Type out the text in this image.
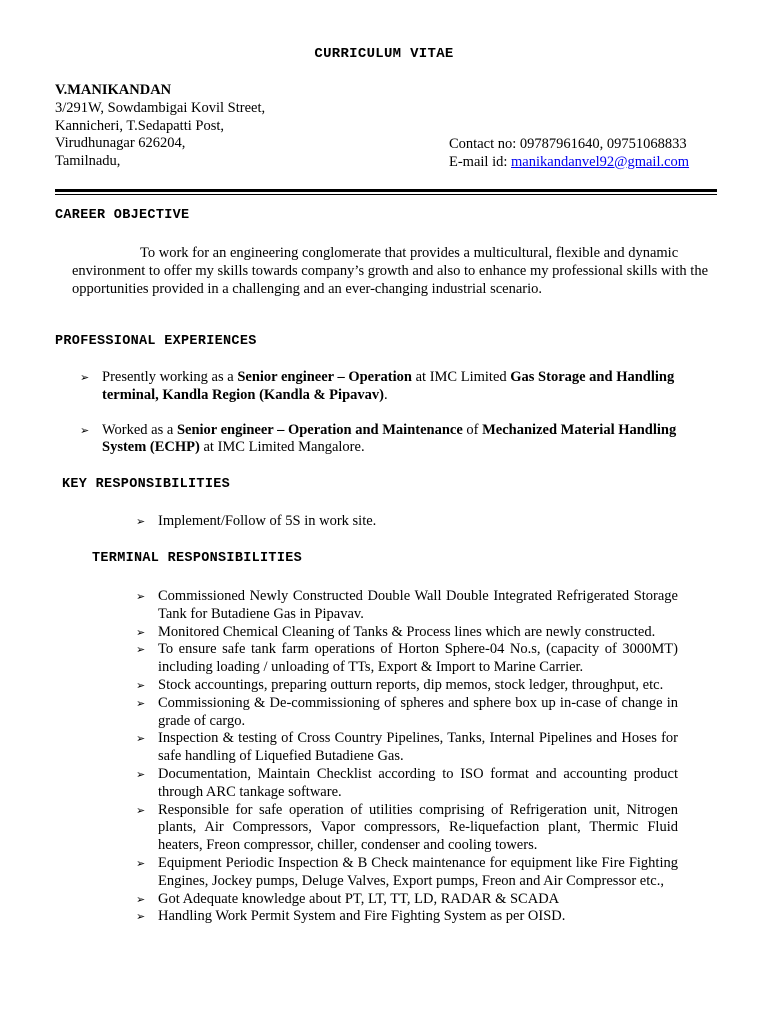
CURRICULUM VITAE
V.MANIKANDAN
3/291W, Sowdambigai Kovil Street,
Kannicheri, T.Sedapatti Post,
Virudhunagar 626204,
Tamilnadu,
Contact no: 09787961640, 09751068833
E-mail id: manikandanvel92@gmail.com
CAREER OBJECTIVE
To work for an engineering conglomerate that provides a multicultural, flexible and dynamic environment to offer my skills towards company’s growth and also to enhance my professional skills with the opportunities provided in a challenging and an ever-changing industrial scenario.
PROFESSIONAL EXPERIENCES
➢ Presently working as a Senior engineer – Operation at IMC Limited Gas Storage and Handling terminal, Kandla Region (Kandla & Pipavav).
➢ Worked as a Senior engineer – Operation and Maintenance of Mechanized Material Handling System (ECHP) at IMC Limited Mangalore.
KEY RESPONSIBILITIES
➢ Implement/Follow of 5S in work site.
TERMINAL RESPONSIBILITIES
➢ Commissioned Newly Constructed Double Wall Double Integrated Refrigerated Storage Tank for Butadiene Gas in Pipavav.
➢ Monitored Chemical Cleaning of Tanks & Process lines which are newly constructed.
➢ To ensure safe tank farm operations of Horton Sphere-04 No.s, (capacity of 3000MT) including loading / unloading of TTs, Export & Import to Marine Carrier.
➢ Stock accountings, preparing outturn reports, dip memos, stock ledger, throughput, etc.
➢ Commissioning & De-commissioning of spheres and sphere box up in-case of change in grade of cargo.
➢ Inspection & testing of Cross Country Pipelines, Tanks, Internal Pipelines and Hoses for safe handling of Liquefied Butadiene Gas.
➢ Documentation, Maintain Checklist according to ISO format and accounting product through ARC tankage software.
➢ Responsible for safe operation of utilities comprising of Refrigeration unit, Nitrogen plants, Air Compressors, Vapor compressors, Re-liquefaction plant, Thermic Fluid heaters, Freon compressor, chiller, condenser and cooling towers.
➢ Equipment Periodic Inspection & B Check maintenance for equipment like Fire Fighting Engines, Jockey pumps, Deluge Valves, Export pumps, Freon and Air Compressor etc.,
➢ Got Adequate knowledge about PT, LT, TT, LD, RADAR & SCADA
➢ Handling Work Permit System and Fire Fighting System as per OISD.
